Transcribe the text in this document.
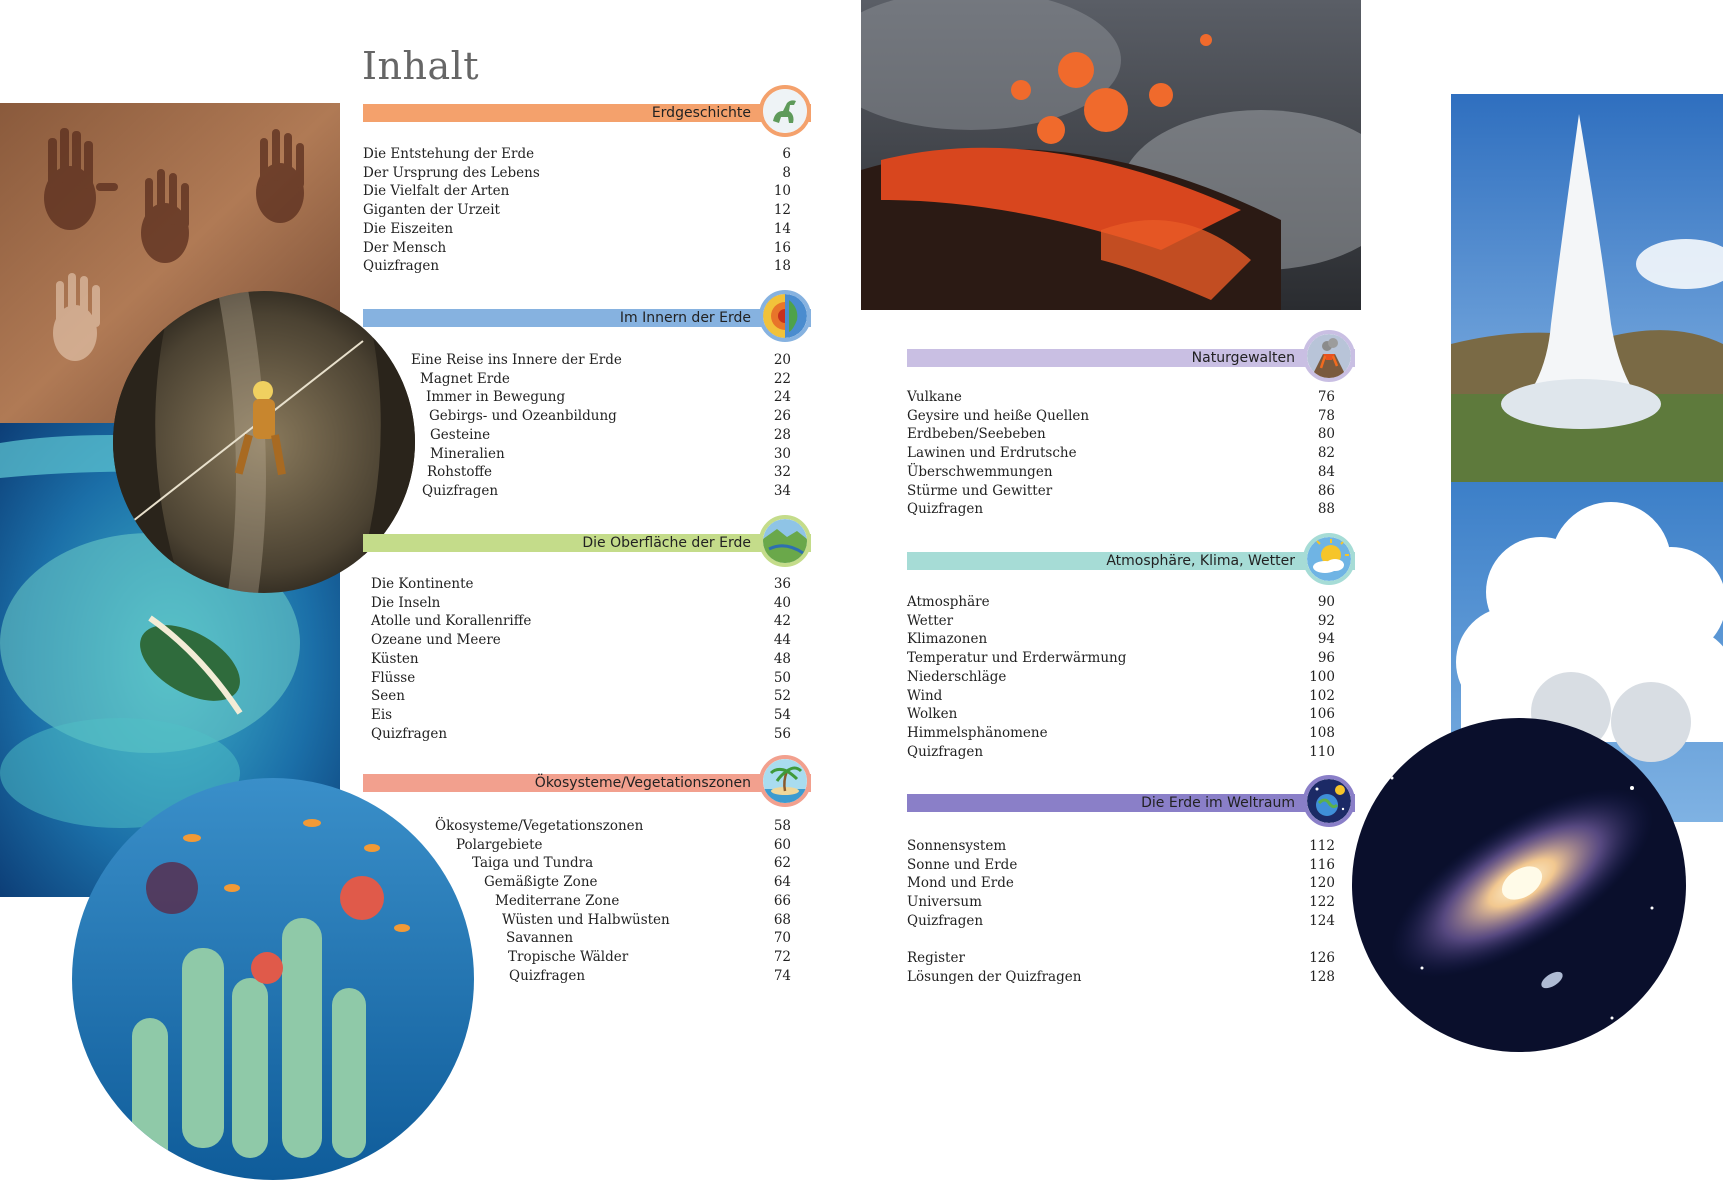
Inhalt
Erdgeschichte
Die Entstehung der Erde	6
Der Ursprung des Lebens	8
Die Vielfalt der Arten	10
Giganten der Urzeit	12
Die Eiszeiten	14
Der Mensch	16
Quizfragen	18
Im Innern der Erde
Eine Reise ins Innere der Erde	20
Magnet Erde	22
Immer in Bewegung	24
Gebirgs- und Ozeanbildung	26
Gesteine	28
Mineralien	30
Rohstoffe	32
Quizfragen	34
Die Oberfläche der Erde
Die Kontinente	36
Die Inseln	40
Atolle und Korallenriffe	42
Ozeane und Meere	44
Küsten	48
Flüsse	50
Seen	52
Eis	54
Quizfragen	56
Ökosysteme/Vegetationszonen
Ökosysteme/Vegetationszonen	58
Polargebiete	60
Taiga und Tundra	62
Gemäßigte Zone	64
Mediterrane Zone	66
Wüsten und Halbwüsten	68
Savannen	70
Tropische Wälder	72
Quizfragen	74
Naturgewalten
Vulkane	76
Geysire und heiße Quellen	78
Erdbeben/Seebeben	80
Lawinen und Erdrutsche	82
Überschwemmungen	84
Stürme und Gewitter	86
Quizfragen	88
Atmosphäre, Klima, Wetter
Atmosphäre	90
Wetter	92
Klimazonen	94
Temperatur und Erderwärmung	96
Niederschläge	100
Wind	102
Wolken	106
Himmelsphänomene	108
Quizfragen	110
Die Erde im Weltraum
Sonnensystem	112
Sonne und Erde	116
Mond und Erde	120
Universum	122
Quizfragen	124
Register	126
Lösungen der Quizfragen	128
